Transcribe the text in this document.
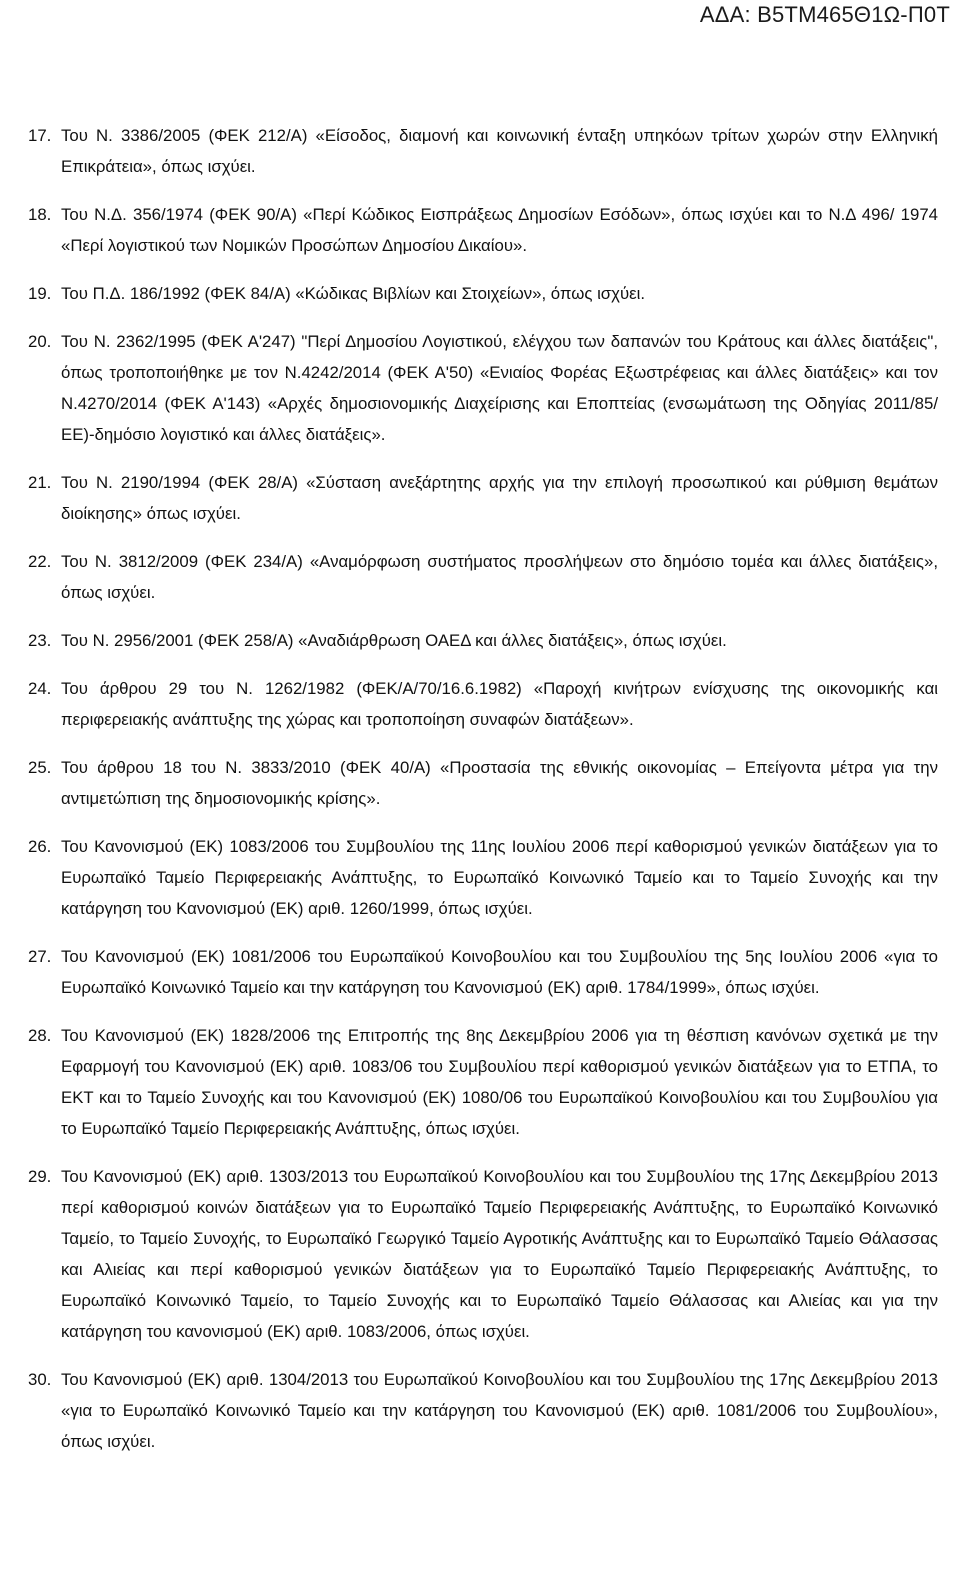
ΑΔΑ: Β5ΤΜ465Θ1Ω-Π0Τ
17. Του Ν. 3386/2005 (ΦΕΚ 212/Α) «Είσοδος, διαμονή και κοινωνική ένταξη υπηκόων τρίτων χωρών στην Ελληνική Επικράτεια», όπως ισχύει.
18. Του Ν.Δ. 356/1974 (ΦΕΚ 90/Α) «Περί Κώδικος Εισπράξεως Δημοσίων Εσόδων», όπως ισχύει και το Ν.Δ 496/ 1974 «Περί λογιστικού των Νομικών Προσώπων Δημοσίου Δικαίου».
19. Του Π.Δ. 186/1992 (ΦΕΚ 84/Α) «Κώδικας Βιβλίων και Στοιχείων», όπως ισχύει.
20. Του Ν. 2362/1995 (ΦΕΚ Α'247) "Περί Δημοσίου Λογιστικού, ελέγχου των δαπανών του Κράτους και άλλες διατάξεις", όπως τροποποιήθηκε με τον Ν.4242/2014 (ΦΕΚ Α'50) «Ενιαίος Φορέας Εξωστρέφειας και άλλες διατάξεις» και τον Ν.4270/2014 (ΦΕΚ Α'143) «Αρχές δημοσιονομικής Διαχείρισης και Εποπτείας (ενσωμάτωση της Οδηγίας 2011/85/ΕΕ)-δημόσιο λογιστικό και άλλες διατάξεις».
21. Του Ν. 2190/1994 (ΦΕΚ 28/Α) «Σύσταση ανεξάρτητης αρχής για την επιλογή προσωπικού και ρύθμιση θεμάτων διοίκησης» όπως ισχύει.
22. Του Ν. 3812/2009 (ΦΕΚ 234/Α) «Αναμόρφωση συστήματος προσλήψεων στο δημόσιο τομέα και άλλες διατάξεις», όπως ισχύει.
23. Του Ν. 2956/2001 (ΦΕΚ 258/Α) «Αναδιάρθρωση ΟΑΕΔ και άλλες διατάξεις», όπως ισχύει.
24. Του άρθρου 29 του Ν. 1262/1982 (ΦΕΚ/Α/70/16.6.1982) «Παροχή κινήτρων ενίσχυσης της οικονομικής και περιφερειακής ανάπτυξης της χώρας και τροποποίηση συναφών διατάξεων».
25. Του άρθρου 18 του Ν. 3833/2010 (ΦΕΚ 40/Α) «Προστασία της εθνικής οικονομίας – Επείγοντα μέτρα για την αντιμετώπιση της δημοσιονομικής κρίσης».
26. Του Κανονισμού (ΕΚ) 1083/2006 του Συμβουλίου της 11ης Ιουλίου 2006 περί καθορισμού γενικών διατάξεων για το Ευρωπαϊκό Ταμείο Περιφερειακής Ανάπτυξης, το Ευρωπαϊκό Κοινωνικό Ταμείο και το Ταμείο Συνοχής και την κατάργηση του Κανονισμού (ΕΚ) αριθ. 1260/1999, όπως ισχύει.
27. Του Κανονισμού (ΕΚ) 1081/2006 του Ευρωπαϊκού Κοινοβουλίου και του Συμβουλίου της 5ης Ιουλίου 2006 «για το Ευρωπαϊκό Κοινωνικό Ταμείο και την κατάργηση του Κανονισμού (ΕΚ) αριθ. 1784/1999», όπως ισχύει.
28. Του Κανονισμού (ΕΚ) 1828/2006 της Επιτροπής της 8ης Δεκεμβρίου 2006 για τη θέσπιση κανόνων σχετικά με την Εφαρμογή του Κανονισμού (ΕΚ) αριθ. 1083/06 του Συμβουλίου περί καθορισμού γενικών διατάξεων για το ΕΤΠΑ, το ΕΚΤ και το Ταμείο Συνοχής και του Κανονισμού (ΕΚ) 1080/06 του Ευρωπαϊκού Κοινοβουλίου και του Συμβουλίου για το Ευρωπαϊκό Ταμείο Περιφερειακής Ανάπτυξης, όπως ισχύει.
29. Του Κανονισμού (ΕΚ) αριθ. 1303/2013 του Ευρωπαϊκού Κοινοβουλίου και του Συμβουλίου της 17ης Δεκεμβρίου 2013 περί καθορισμού κοινών διατάξεων για το Ευρωπαϊκό Ταμείο Περιφερειακής Ανάπτυξης, το Ευρωπαϊκό Κοινωνικό Ταμείο, το Ταμείο Συνοχής, το Ευρωπαϊκό Γεωργικό Ταμείο Αγροτικής Ανάπτυξης και το Ευρωπαϊκό Ταμείο Θάλασσας και Αλιείας και περί καθορισμού γενικών διατάξεων για το Ευρωπαϊκό Ταμείο Περιφερειακής Ανάπτυξης, το Ευρωπαϊκό Κοινωνικό Ταμείο, το Ταμείο Συνοχής και το Ευρωπαϊκό Ταμείο Θάλασσας και Αλιείας και για την κατάργηση του κανονισμού (ΕΚ) αριθ. 1083/2006, όπως ισχύει.
30. Του Κανονισμού (ΕΚ) αριθ. 1304/2013 του Ευρωπαϊκού Κοινοβουλίου και του Συμβουλίου της 17ης Δεκεμβρίου 2013 «για το Ευρωπαϊκό Κοινωνικό Ταμείο και την κατάργηση του Κανονισμού (ΕΚ) αριθ. 1081/2006 του Συμβουλίου», όπως ισχύει.
